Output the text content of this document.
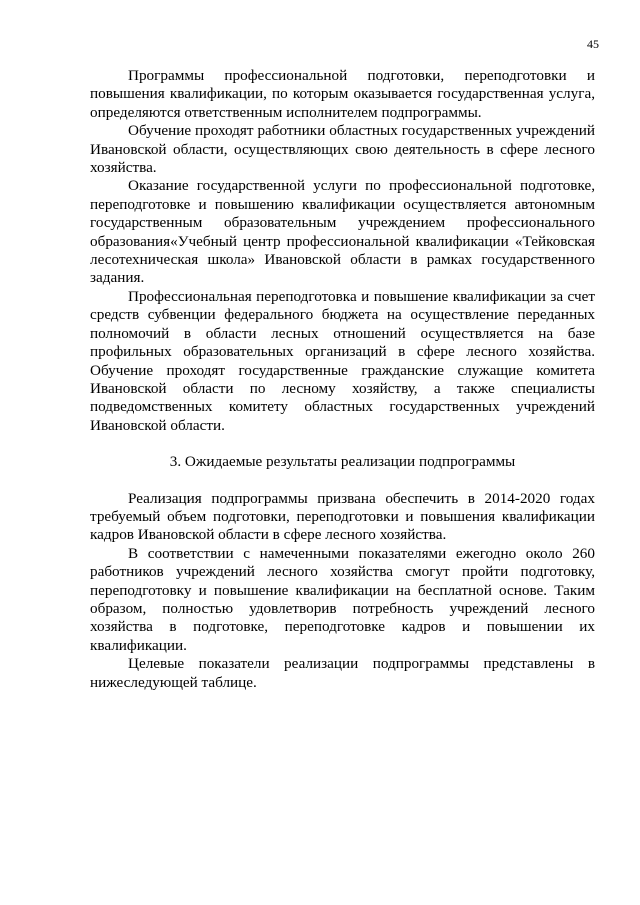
45

Программы профессиональной подготовки, переподготовки и повышения квалификации, по которым оказывается государственная услуга, определяются ответственным исполнителем подпрограммы.

Обучение проходят работники областных государственных учреждений Ивановской области, осуществляющих свою деятельность в сфере лесного хозяйства.

Оказание государственной услуги по профессиональной подготовке, переподготовке и повышению квалификации осуществляется автономным государственным образовательным учреждением профессионального образования«Учебный центр профессиональной квалификации «Тейковская лесотехническая школа» Ивановской области в рамках государственного задания.

Профессиональная переподготовка и повышение квалификации за счет средств субвенции федерального бюджета на осуществление переданных полномочий в области лесных отношений осуществляется на базе профильных образовательных организаций в сфере лесного хозяйства. Обучение проходят государственные гражданские служащие комитета Ивановской области по лесному хозяйству, а также специалисты подведомственных комитету областных государственных учреждений Ивановской области.

3. Ожидаемые результаты реализации подпрограммы

Реализация подпрограммы призвана обеспечить в 2014-2020 годах требуемый объем подготовки, переподготовки и повышения квалификации кадров Ивановской области в сфере лесного хозяйства.

В соответствии с намеченными показателями ежегодно около 260 работников учреждений лесного хозяйства смогут пройти подготовку, переподготовку и повышение квалификации на бесплатной основе. Таким образом, полностью удовлетворив потребность учреждений лесного хозяйства в подготовке, переподготовке кадров и повышении их квалификации.

Целевые показатели реализации подпрограммы представлены в нижеследующей таблице.
